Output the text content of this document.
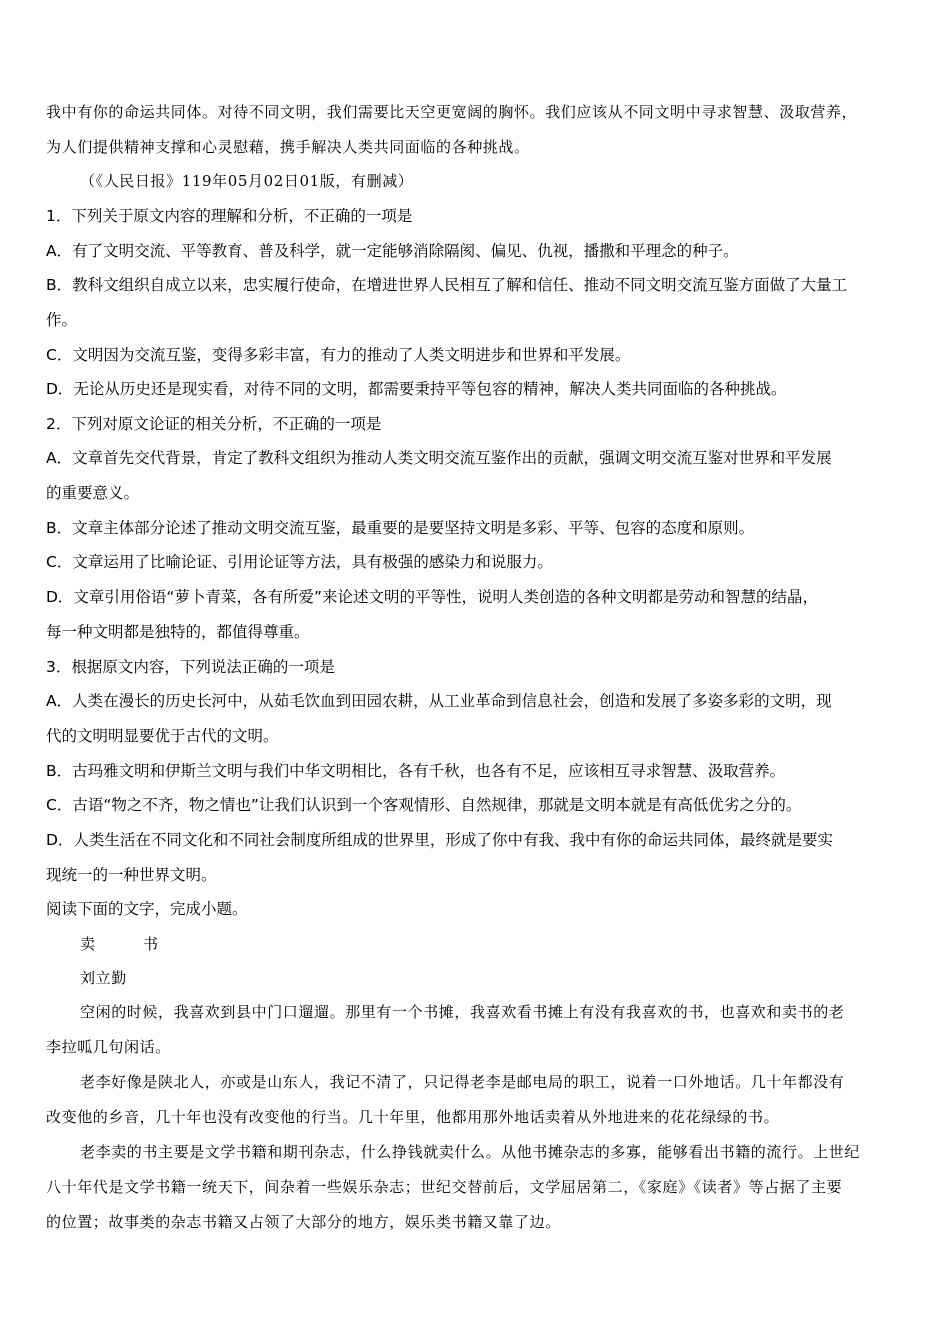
我中有你的命运共同体。对待不同文明，我们需要比天空更宽阔的胸怀。我们应该从不同文明中寻求智慧、汲取营养，
为人们提供精神支撑和心灵慰藉，携手解决人类共同面临的各种挑战。
（《人民日报》119年05月02日01版，有删减）
1．下列关于原文内容的理解和分析，不正确的一项是
A．有了文明交流、平等教育、普及科学，就一定能够消除隔阂、偏见、仇视，播撒和平理念的种子。
B．教科文组织自成立以来，忠实履行使命，在增进世界人民相互了解和信任、推动不同文明交流互鉴方面做了大量工
作。
C．文明因为交流互鉴，变得多彩丰富，有力的推动了人类文明进步和世界和平发展。
D．无论从历史还是现实看，对待不同的文明，都需要秉持平等包容的精神，解决人类共同面临的各种挑战。
2．下列对原文论证的相关分析，不正确的一项是
A．文章首先交代背景，肯定了教科文组织为推动人类文明交流互鉴作出的贡献，强调文明交流互鉴对世界和平发展
的重要意义。
B．文章主体部分论述了推动文明交流互鉴，最重要的是要坚持文明是多彩、平等、包容的态度和原则。
C．文章运用了比喻论证、引用论证等方法，具有极强的感染力和说服力。
D．文章引用俗语“萝卜青菜，各有所爱”来论述文明的平等性，说明人类创造的各种文明都是劳动和智慧的结晶，
每一种文明都是独特的，都值得尊重。
3．根据原文内容，下列说法正确的一项是
A．人类在漫长的历史长河中，从茹毛饮血到田园农耕，从工业革命到信息社会，创造和发展了多姿多彩的文明，现
代的文明明显要优于古代的文明。
B．古玛雅文明和伊斯兰文明与我们中华文明相比，各有千秋，也各有不足，应该相互寻求智慧、汲取营养。
C．古语“物之不齐，物之情也”让我们认识到一个客观情形、自然规律，那就是文明本就是有高低优劣之分的。
D．人类生活在不同文化和不同社会制度所组成的世界里，形成了你中有我、我中有你的命运共同体，最终就是要实
现统一的一种世界文明。
阅读下面的文字，完成小题。
卖	书
刘立勤
空闲的时候，我喜欢到县中门口遛遛。那里有一个书摊，我喜欢看书摊上有没有我喜欢的书，也喜欢和卖书的老
李拉呱几句闲话。
老李好像是陕北人，亦或是山东人，我记不清了，只记得老李是邮电局的职工，说着一口外地话。几十年都没有
改变他的乡音，几十年也没有改变他的行当。几十年里，他都用那外地话卖着从外地进来的花花绿绿的书。
老李卖的书主要是文学书籍和期刊杂志，什么挣钱就卖什么。从他书摊杂志的多寡，能够看出书籍的流行。上世纪
八十年代是文学书籍一统天下，间杂着一些娱乐杂志；世纪交替前后，文学屈居第二，《家庭》《读者》等占据了主要
的位置；故事类的杂志书籍又占领了大部分的地方，娱乐类书籍又靠了边。
